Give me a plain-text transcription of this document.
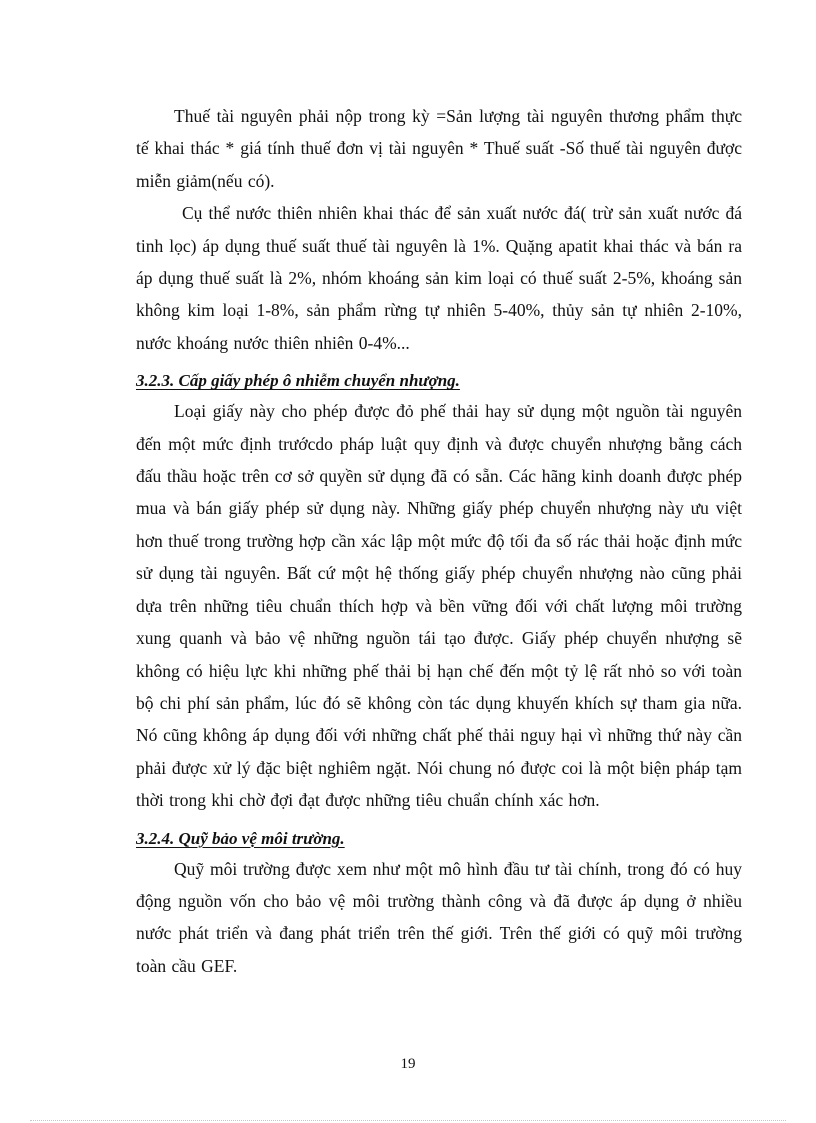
Thuế tài nguyên phải nộp trong kỳ =Sản lượng tài nguyên thương phẩm thực tế khai thác * giá tính thuế đơn vị tài nguyên * Thuế suất -Số thuế tài nguyên được miễn giảm(nếu có).

Cụ thể nước thiên nhiên khai thác để sản xuất nước đá( trừ sản xuất nước đá tinh lọc) áp dụng thuế suất thuế tài nguyên là 1%. Quặng apatit khai thác và bán ra áp dụng thuế suất là 2%, nhóm khoáng sản kim loại có thuế suất 2-5%, khoáng sản không kim loại 1-8%, sản phẩm rừng tự nhiên 5-40%, thủy sản tự nhiên 2-10%, nước khoáng nước thiên nhiên 0-4%...

3.2.3. Cấp giấy phép ô nhiễm chuyển nhượng.

Loại giấy này cho phép được đỏ phế thải hay sử dụng một nguồn tài nguyên đến một mức định trướcdo pháp luật quy định và được chuyển nhượng bằng cách đấu thầu hoặc trên cơ sở quyền sử dụng đã có sẵn. Các hãng kinh doanh được phép mua và bán giấy phép sử dụng này. Những giấy phép chuyển nhượng này ưu việt hơn thuế trong trường hợp cần xác lập một mức độ tối đa số rác thải hoặc định mức sử dụng tài nguyên. Bất cứ một hệ thống giấy phép chuyển nhượng nào cũng phải dựa trên những tiêu chuẩn thích hợp và bền vững đối với chất lượng môi trường xung quanh và bảo vệ những nguồn tái tạo được. Giấy phép chuyển nhượng sẽ không có hiệu lực khi những phế thải bị hạn chế đến một tỷ lệ rất nhỏ so với toàn bộ chi phí sản phẩm, lúc đó sẽ không còn tác dụng khuyến khích sự tham gia nữa. Nó cũng không áp dụng đối với những chất phế thải nguy hại vì những thứ này cần phải được xử lý đặc biệt nghiêm ngặt. Nói chung nó được coi là một biện pháp tạm thời trong khi chờ đợi đạt được những tiêu chuẩn chính xác hơn.

3.2.4. Quỹ bảo vệ môi trường.

Quỹ môi trường được xem như một mô hình đầu tư tài chính, trong đó có huy động nguồn vốn cho bảo vệ môi trường thành công và đã được áp dụng ở nhiều nước phát triển và đang phát triển trên thế giới. Trên thế giới có quỹ môi trường toàn cầu GEF.

19
